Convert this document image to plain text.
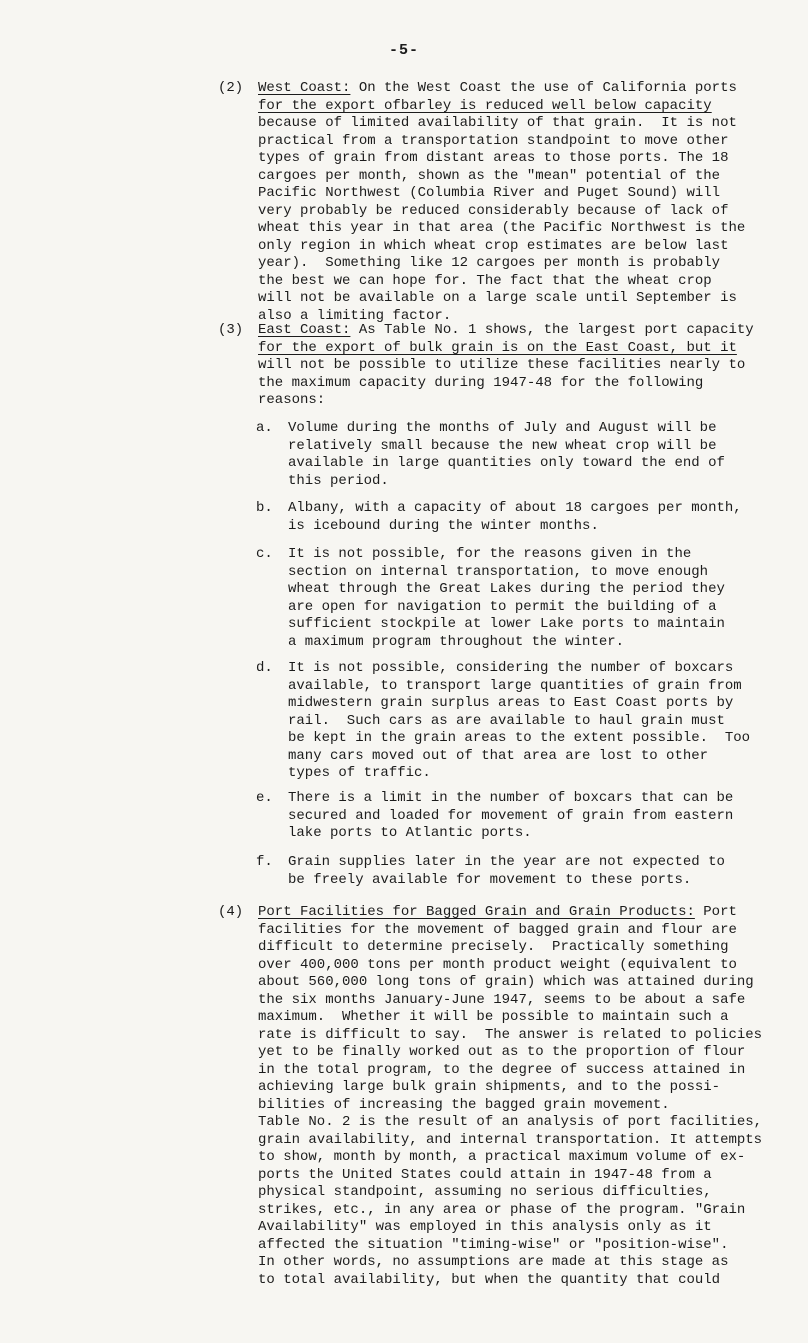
-5-
(2) West Coast: On the West Coast the use of California ports
for the export ofbarley is reduced well below capacity
because of limited availability of that grain.  It is not
practical from a transportation standpoint to move other
types of grain from distant areas to those ports. The 18
cargoes per month, shown as the "mean" potential of the
Pacific Northwest (Columbia River and Puget Sound) will
very probably be reduced considerably because of lack of
wheat this year in that area (the Pacific Northwest is the
only region in which wheat crop estimates are below last
year).  Something like 12 cargoes per month is probably
the best we can hope for. The fact that the wheat crop
will not be available on a large scale until September is
also a limiting factor.
(3) East Coast: As Table No. 1 shows, the largest port capacity
for the export of bulk grain is on the East Coast, but it
will not be possible to utilize these facilities nearly to
the maximum capacity during 1947-48 for the following
reasons:
a. Volume during the months of July and August will be
relatively small because the new wheat crop will be
available in large quantities only toward the end of
this period.
b. Albany, with a capacity of about 18 cargoes per month,
is icebound during the winter months.
c. It is not possible, for the reasons given in the
section on internal transportation, to move enough
wheat through the Great Lakes during the period they
are open for navigation to permit the building of a
sufficient stockpile at lower Lake ports to maintain
a maximum program throughout the winter.
d. It is not possible, considering the number of boxcars
available, to transport large quantities of grain from
midwestern grain surplus areas to East Coast ports by
rail.  Such cars as are available to haul grain must
be kept in the grain areas to the extent possible.  Too
many cars moved out of that area are lost to other
types of traffic.
e. There is a limit in the number of boxcars that can be
secured and loaded for movement of grain from eastern
lake ports to Atlantic ports.
f. Grain supplies later in the year are not expected to
be freely available for movement to these ports.
(4) Port Facilities for Bagged Grain and Grain Products: Port
facilities for the movement of bagged grain and flour are
difficult to determine precisely.  Practically something
over 400,000 tons per month product weight (equivalent to
about 560,000 long tons of grain) which was attained during
the six months January-June 1947, seems to be about a safe
maximum.  Whether it will be possible to maintain such a
rate is difficult to say.  The answer is related to policies
yet to be finally worked out as to the proportion of flour
in the total program, to the degree of success attained in
achieving large bulk grain shipments, and to the possi-
bilities of increasing the bagged grain movement.
Table No. 2 is the result of an analysis of port facilities,
grain availability, and internal transportation. It attempts
to show, month by month, a practical maximum volume of ex-
ports the United States could attain in 1947-48 from a
physical standpoint, assuming no serious difficulties,
strikes, etc., in any area or phase of the program. "Grain
Availability" was employed in this analysis only as it
affected the situation "timing-wise" or "position-wise".
In other words, no assumptions are made at this stage as
to total availability, but when the quantity that could
